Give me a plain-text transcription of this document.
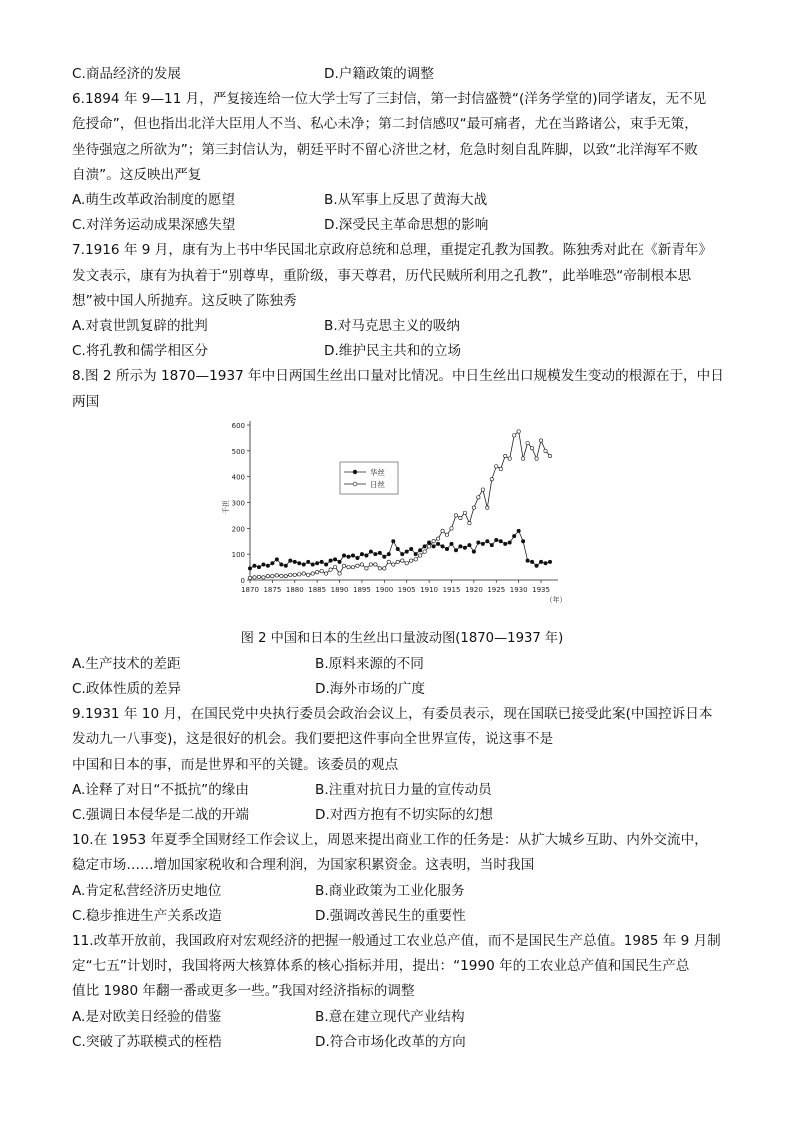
C.商品经济的发展	D.户籍政策的调整
6.1894 年 9—11 月，严复接连给一位大学士写了三封信，第一封信盛赞“(洋务学堂的)同学诸友，无不见
危授命”，但也指出北洋大臣用人不当、私心未净；第二封信感叹“最可痛者，尤在当路诸公，束手无策，
坐待强寇之所欲为”；第三封信认为，朝廷平时不留心济世之材，危急时刻自乱阵脚，以致“北洋海军不败
自溃”。这反映出严复
A.萌生改革政治制度的愿望	B.从军事上反思了黄海大战
C.对洋务运动成果深感失望	D.深受民主革命思想的影响
7.1916 年 9 月，康有为上书中华民国北京政府总统和总理，重提定孔教为国教。陈独秀对此在《新青年》
发文表示，康有为执着于“别尊卑，重阶级，事天尊君，历代民贼所利用之孔教”，此举唯恐“帝制根本思
想”被中国人所抛弃。这反映了陈独秀
A.对袁世凯复辟的批判	B.对马克思主义的吸纳
C.将孔教和儒学相区分	D.维护民主共和的立场
8.图 2 所示为 1870—1937 年中日两国生丝出口量对比情况。中日生丝出口规模发生变动的根源在于，中日
两国
0
100
200
300
400
500
600
1870 1875 1880 1885 1890 1895 1900 1905 1910 1915 1920 1925 1930 1935
千担
（年）
华丝
日丝
图 2 中国和日本的生丝出口量波动图(1870—1937 年)
A.生产技术的差距	B.原料来源的不同
C.政体性质的差异	D.海外市场的广度
9.1931 年 10 月，在国民党中央执行委员会政治会议上，有委员表示，现在国联已接受此案(中国控诉日本
发动九一八事变)，这是很好的机会。我们要把这件事向全世界宣传，说这事不是
中国和日本的事，而是世界和平的关键。该委员的观点
A.诠释了对日“不抵抗”的缘由	B.注重对抗日力量的宣传动员
C.强调日本侵华是二战的开端	D.对西方抱有不切实际的幻想
10.在 1953 年夏季全国财经工作会议上，周恩来提出商业工作的任务是：从扩大城乡互助、内外交流中，
稳定市场……增加国家税收和合理利润，为国家积累资金。这表明，当时我国
A.肯定私营经济历史地位	B.商业政策为工业化服务
C.稳步推进生产关系改造	D.强调改善民生的重要性
11.改革开放前，我国政府对宏观经济的把握一般通过工农业总产值，而不是国民生产总值。1985 年 9 月制
定“七五”计划时，我国将两大核算体系的核心指标并用，提出：“1990 年的工农业总产值和国民生产总
值比 1980 年翻一番或更多一些。”我国对经济指标的调整
A.是对欧美日经验的借鉴	B.意在建立现代产业结构
C.突破了苏联模式的桎梏	D.符合市场化改革的方向
